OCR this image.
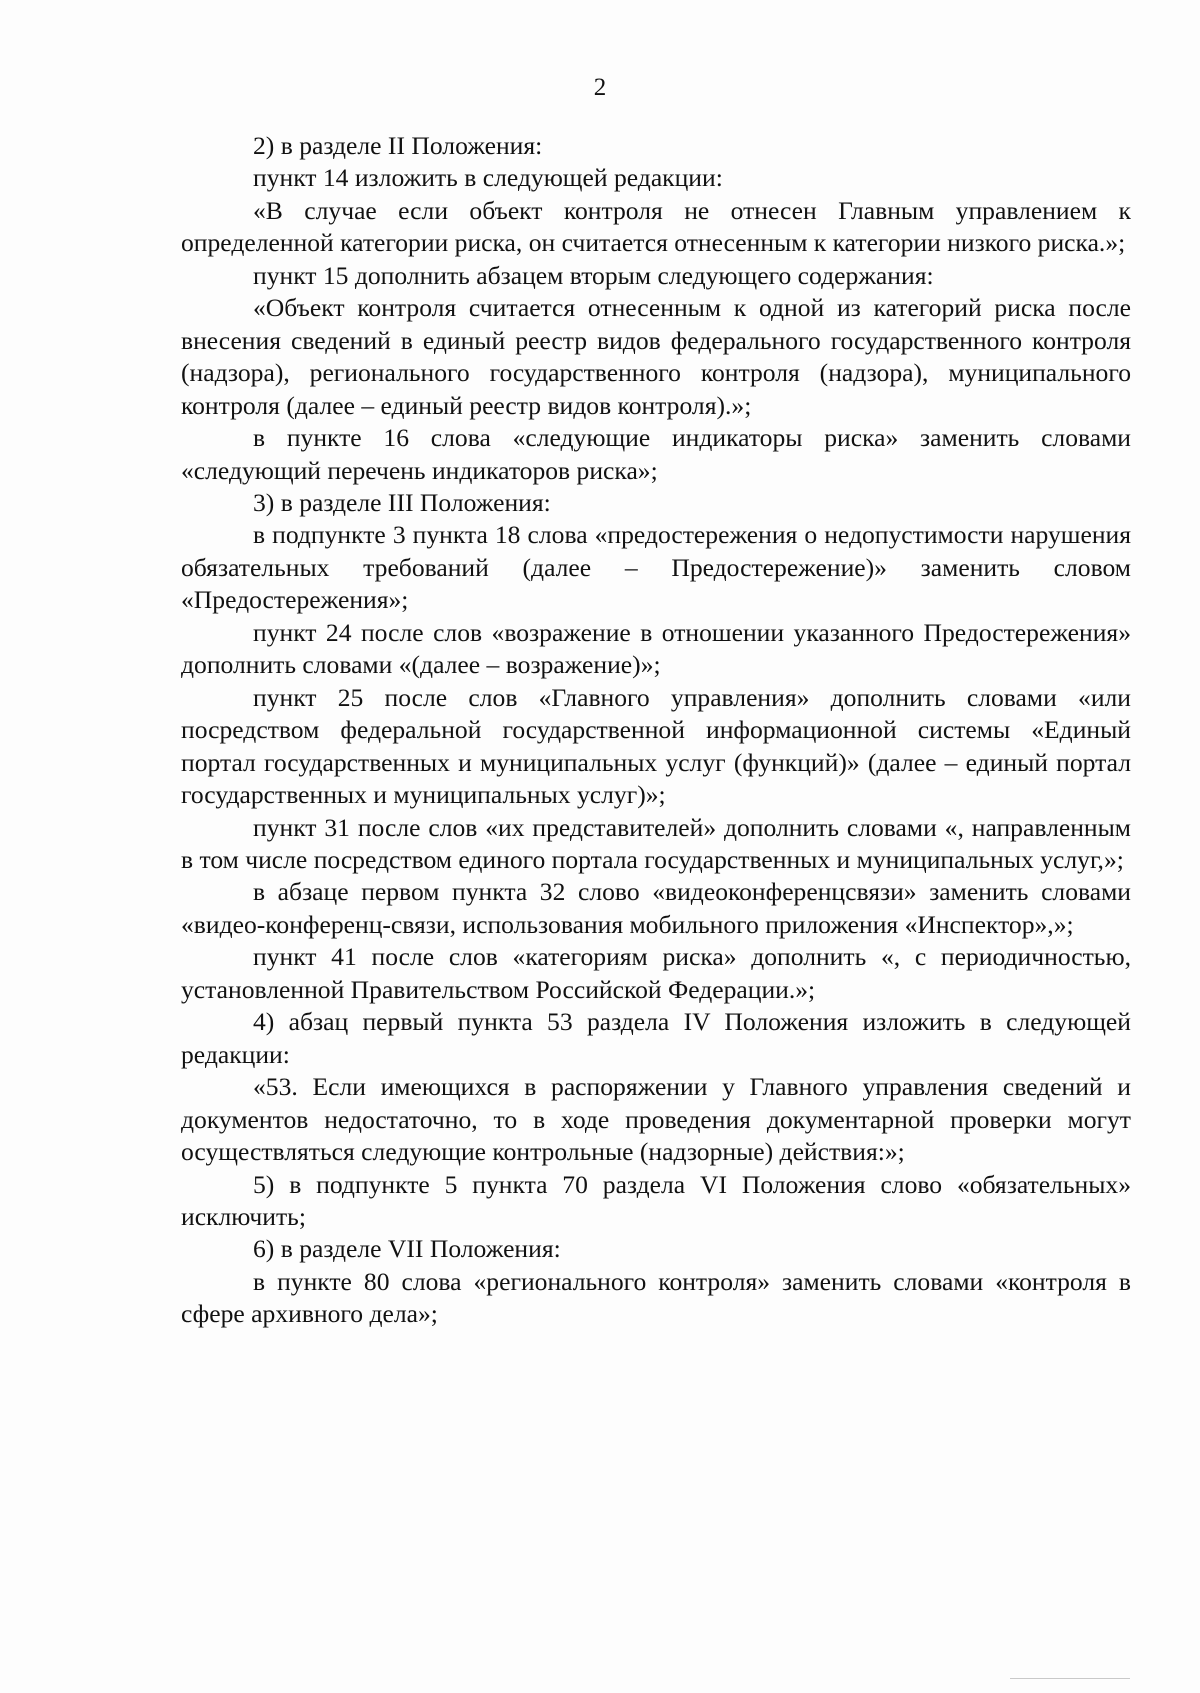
2

2) в разделе II Положения:

пункт 14 изложить в следующей редакции:

«В случае если объект контроля не отнесен Главным управлением к определенной категории риска, он считается отнесенным к категории низкого риска.»;

пункт 15 дополнить абзацем вторым следующего содержания:

«Объект контроля считается отнесенным к одной из категорий риска после внесения сведений в единый реестр видов федерального государственного контроля (надзора), регионального государственного контроля (надзора), муниципального контроля (далее – единый реестр видов контроля).»;

в пункте 16 слова «следующие индикаторы риска» заменить словами «следующий перечень индикаторов риска»;

3) в разделе III Положения:

в подпункте 3 пункта 18 слова «предостережения о недопустимости нарушения обязательных требований (далее – Предостережение)» заменить словом «Предостережения»;

пункт 24 после слов «возражение в отношении указанного Предостережения» дополнить словами «(далее – возражение)»;

пункт 25 после слов «Главного управления» дополнить словами «или посредством федеральной государственной информационной системы «Единый портал государственных и муниципальных услуг (функций)» (далее – единый портал государственных и муниципальных услуг)»;

пункт 31 после слов «их представителей» дополнить словами «, направленным в том числе посредством единого портала государственных и муниципальных услуг,»;

в абзаце первом пункта 32 слово «видеоконференцсвязи» заменить словами «видео-конференц-связи, использования мобильного приложения «Инспектор»,»;

пункт 41 после слов «категориям риска» дополнить «, с периодичностью, установленной Правительством Российской Федерации.»;

4) абзац первый пункта 53 раздела IV Положения изложить в следующей редакции:

«53. Если имеющихся в распоряжении у Главного управления сведений и документов недостаточно, то в ходе проведения документарной проверки могут осуществляться следующие контрольные (надзорные) действия:»;

5) в подпункте 5 пункта 70 раздела VI Положения слово «обязательных» исключить;

6) в разделе VII Положения:

в пункте 80 слова «регионального контроля» заменить словами «контроля в сфере архивного дела»;
